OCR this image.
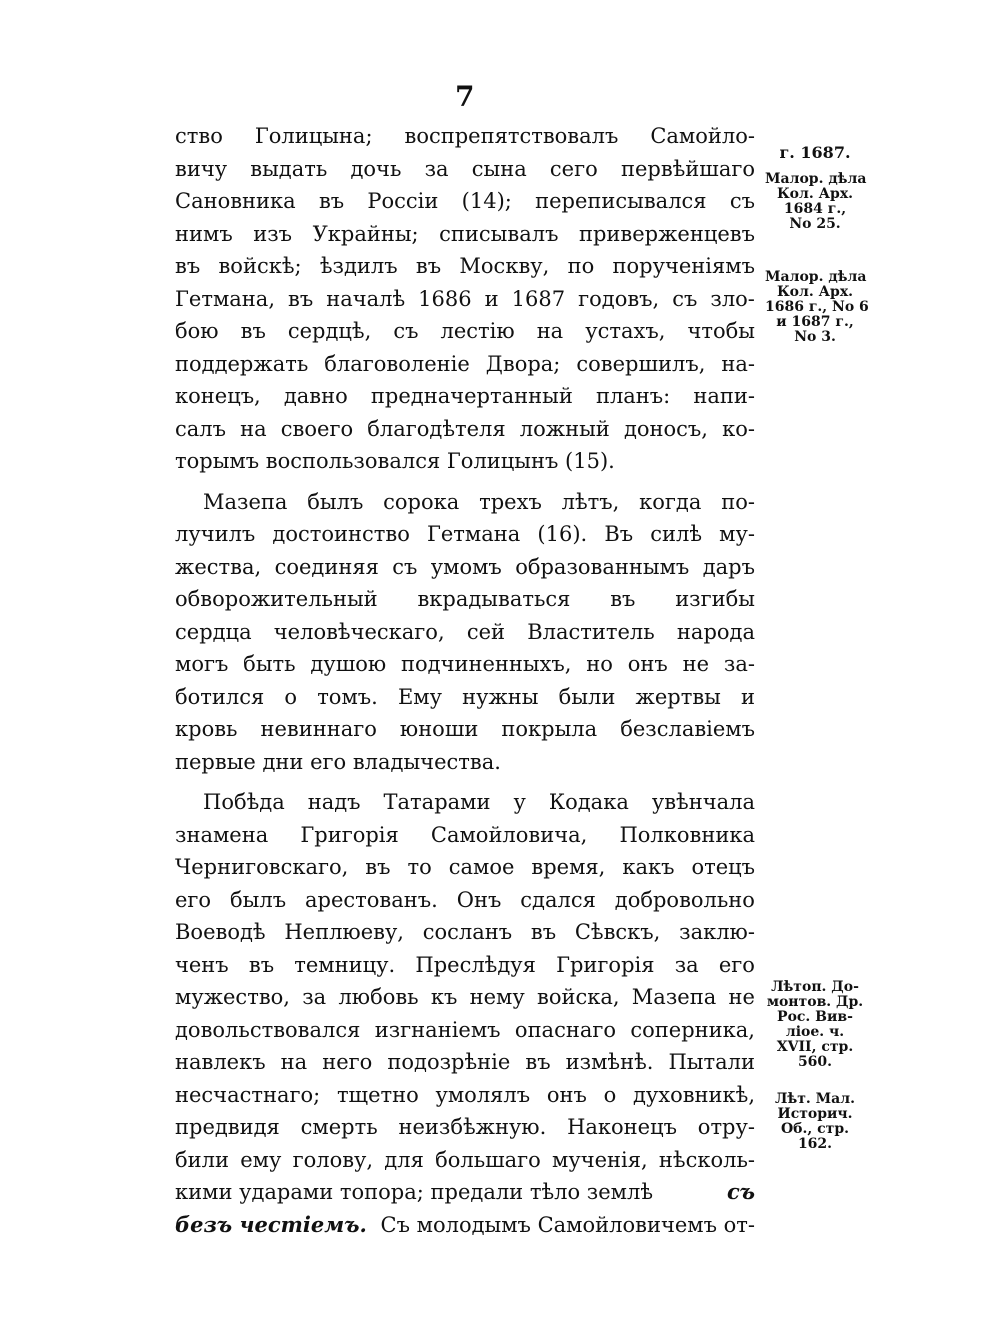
7
ство Голицына; воспрепятствовалъ Самойло-
вичу выдать дочь за сына сего первѣйшаго
Сановника въ Россіи (14); переписывался съ
нимъ изъ Украйны; списывалъ приверженцевъ
въ войскѣ; ѣздилъ въ Москву, по порученіямъ
Гетмана, въ началѣ 1686 и 1687 годовъ, съ зло-
бою въ сердцѣ, съ лестію на устахъ, чтобы
поддержать благоволеніе Двора; совершилъ, на-
конецъ, давно предначертанный планъ: напи-
салъ на своего благодѣтеля ложный доносъ, ко-
торымъ воспользовался Голицынъ (15).
Мазепа былъ сорока трехъ лѣтъ, когда по-
лучилъ достоинство Гетмана (16). Въ силѣ му-
жества, соединяя съ умомъ образованнымъ даръ
обворожительный вкрадываться въ изгибы
сердца человѣческаго, сей Властитель народа
могъ быть душою подчиненныхъ, но онъ не за-
ботился о томъ. Ему нужны были жертвы и
кровь невиннаго юноши покрыла безславіемъ
первые дни его владычества.
Побѣда надъ Татарами у Кодака увѣнчала
знамена Григорія Самойловича, Полковника
Черниговскаго, въ то самое время, какъ отецъ
его былъ арестованъ. Онъ сдался добровольно
Воеводѣ Неплюеву, сосланъ въ Сѣвскъ, заклю-
ченъ въ темницу. Преслѣдуя Григорія за его
мужество, за любовь къ нему войска, Мазепа не
довольствовался изгнаніемъ опаснаго соперника,
навлекъ на него подозрѣніе въ измѣнѣ. Пытали
несчастнаго; тщетно умолялъ онъ о духовникѣ,
предвидя смерть неизбѣжную. Наконецъ отру-
били ему голову, для большаго мученія, нѣсколь-
кими ударами топора; предали тѣло землѣ	съ
безъ честiемъ. Съ молодымъ Самойловичемъ от-
г. 1687.
Малор. дѣла
Кол. Арх.
1684 г.,
No 25.
Малор. дѣла
Кол. Арх.
1686 г., No 6
и 1687 г.,
No 3.
Лѣтоп. До-
монтов. Др.
Рос. Вив-
ліое. ч.
XVII, стр.
560.
Лѣт. Мал.
Историч.
Об., стр.
162.
